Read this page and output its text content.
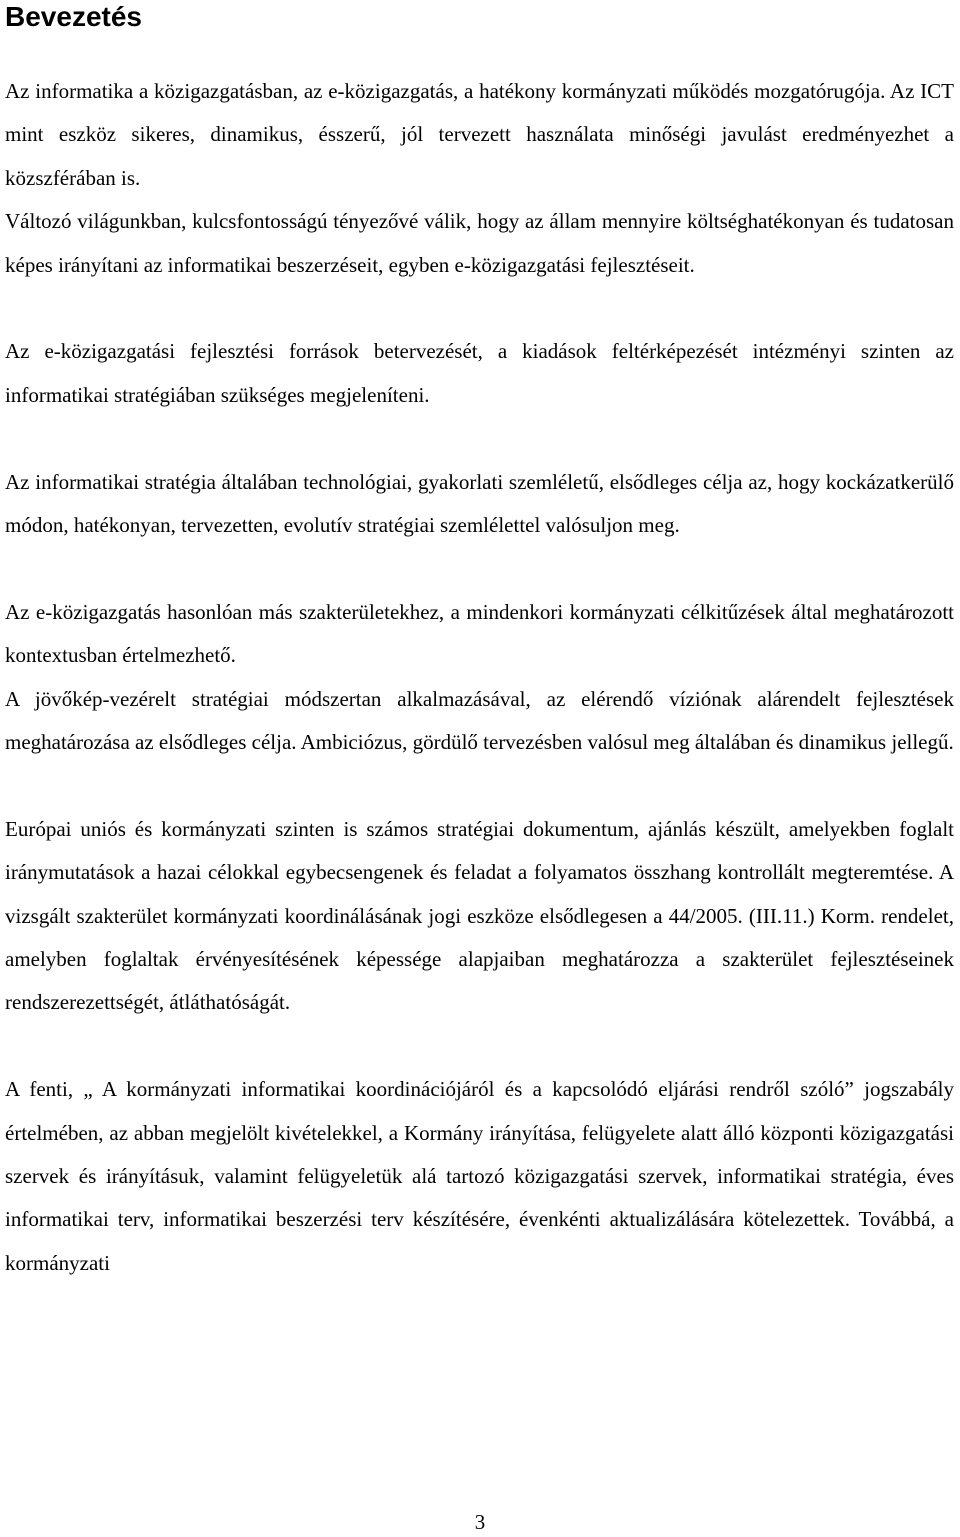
Bevezetés

Az informatika a közigazgatásban, az e-közigazgatás, a hatékony kormányzati működés mozgatórugója. Az ICT mint eszköz sikeres, dinamikus, ésszerű, jól tervezett használata minőségi javulást eredményezhet a közszférában is.

Változó világunkban, kulcsfontosságú tényezővé válik, hogy az állam mennyire költséghatékonyan és tudatosan képes irányítani az informatikai beszerzéseit, egyben e-közigazgatási fejlesztéseit.

Az e-közigazgatási fejlesztési források betervezését, a kiadások feltérképezését intézményi szinten az informatikai stratégiában szükséges megjeleníteni.

Az informatikai stratégia általában technológiai, gyakorlati szemléletű, elsődleges célja az, hogy kockázatkerülő módon, hatékonyan, tervezetten, evolutív stratégiai szemlélettel valósuljon meg.

Az e-közigazgatás hasonlóan más szakterületekhez, a mindenkori kormányzati célkitűzések által meghatározott kontextusban értelmezhető.

A jövőkép-vezérelt stratégiai módszertan alkalmazásával, az elérendő víziónak alárendelt fejlesztések meghatározása az elsődleges célja. Ambiciózus, gördülő tervezésben valósul meg általában és dinamikus jellegű.

Európai uniós és kormányzati szinten is számos stratégiai dokumentum, ajánlás készült, amelyekben foglalt iránymutatások a hazai célokkal egybecsengenek és feladat a folyamatos összhang kontrollált megteremtése. A vizsgált szakterület kormányzati koordinálásának jogi eszköze elsődlegesen a 44/2005. (III.11.) Korm. rendelet, amelyben foglaltak érvényesítésének képessége alapjaiban meghatározza a szakterület fejlesztéseinek rendszerezettségét, átláthatóságát.

A fenti, „ A kormányzati informatikai koordinációjáról és a kapcsolódó eljárási rendről szóló” jogszabály értelmében, az abban megjelölt kivételekkel, a Kormány irányítása, felügyelete alatt álló központi közigazgatási szervek és irányításuk, valamint felügyeletük alá tartozó közigazgatási szervek, informatikai stratégia, éves informatikai terv, informatikai beszerzési terv készítésére, évenkénti aktualizálására kötelezettek. Továbbá, a kormányzati

3
